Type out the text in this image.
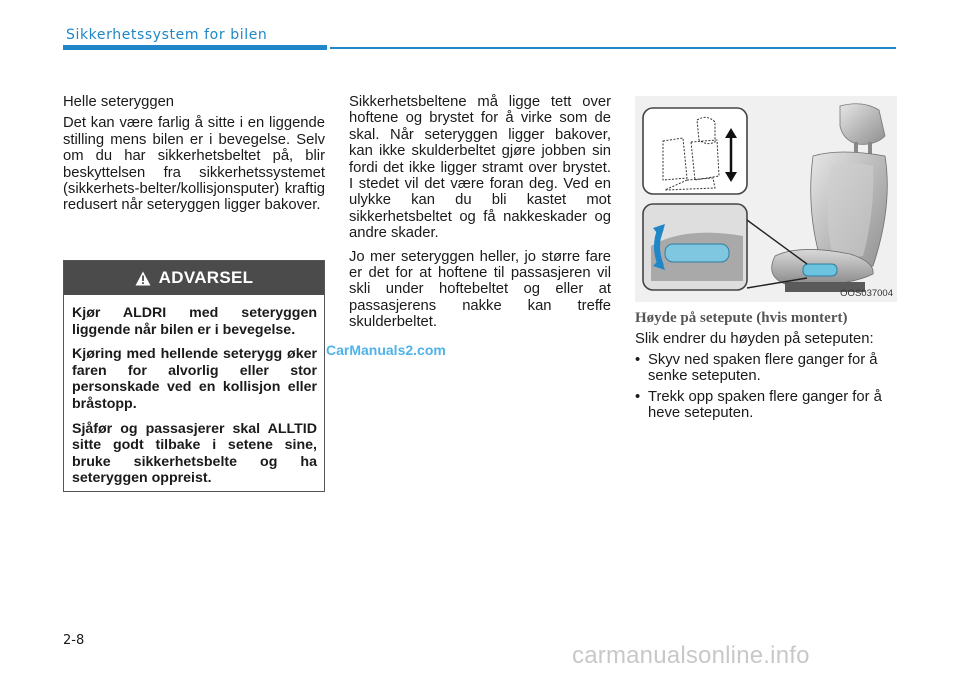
Sikkerhetssystem for bilen

Helle seteryggen

Det kan være farlig å sitte i en liggende stilling mens bilen er i bevegelse. Selv om du har sikkerhetsbeltet på, blir beskyttelsen fra sikkerhetssystemet (sikkerhets-belter/kollisjonsputer) kraftig redusert når seteryggen ligger bakover.

ADVARSEL

Kjør ALDRI med seteryggen liggende når bilen er i bevegelse.

Kjøring med hellende seterygg øker faren for alvorlig eller stor personskade ved en kollisjon eller bråstopp.

Sjåfør og passasjerer skal ALLTID sitte godt tilbake i setene sine, bruke sikkerhetsbelte og ha seteryggen oppreist.

Sikkerhetsbeltene må ligge tett over hoftene og brystet for å virke som de skal. Når seteryggen ligger bakover, kan ikke skulderbeltet gjøre jobben sin fordi det ikke ligger stramt over brystet. I stedet vil det være foran deg. Ved en ulykke kan du bli kastet mot sikkerhetsbeltet og få nakkeskader og andre skader.

Jo mer seteryggen heller, jo større fare er det for at hoftene til passasjeren vil skli under hoftebeltet og eller at passasjerens nakke kan treffe skulderbeltet.

CarManuals2.com
OOS037004

Høyde på setepute (hvis montert)

Slik endrer du høyden på seteputen:

• Skyv ned spaken flere ganger for å senke seteputen.
• Trekk opp spaken flere ganger for å heve seteputen.
2-8
carmanualsonline.info
